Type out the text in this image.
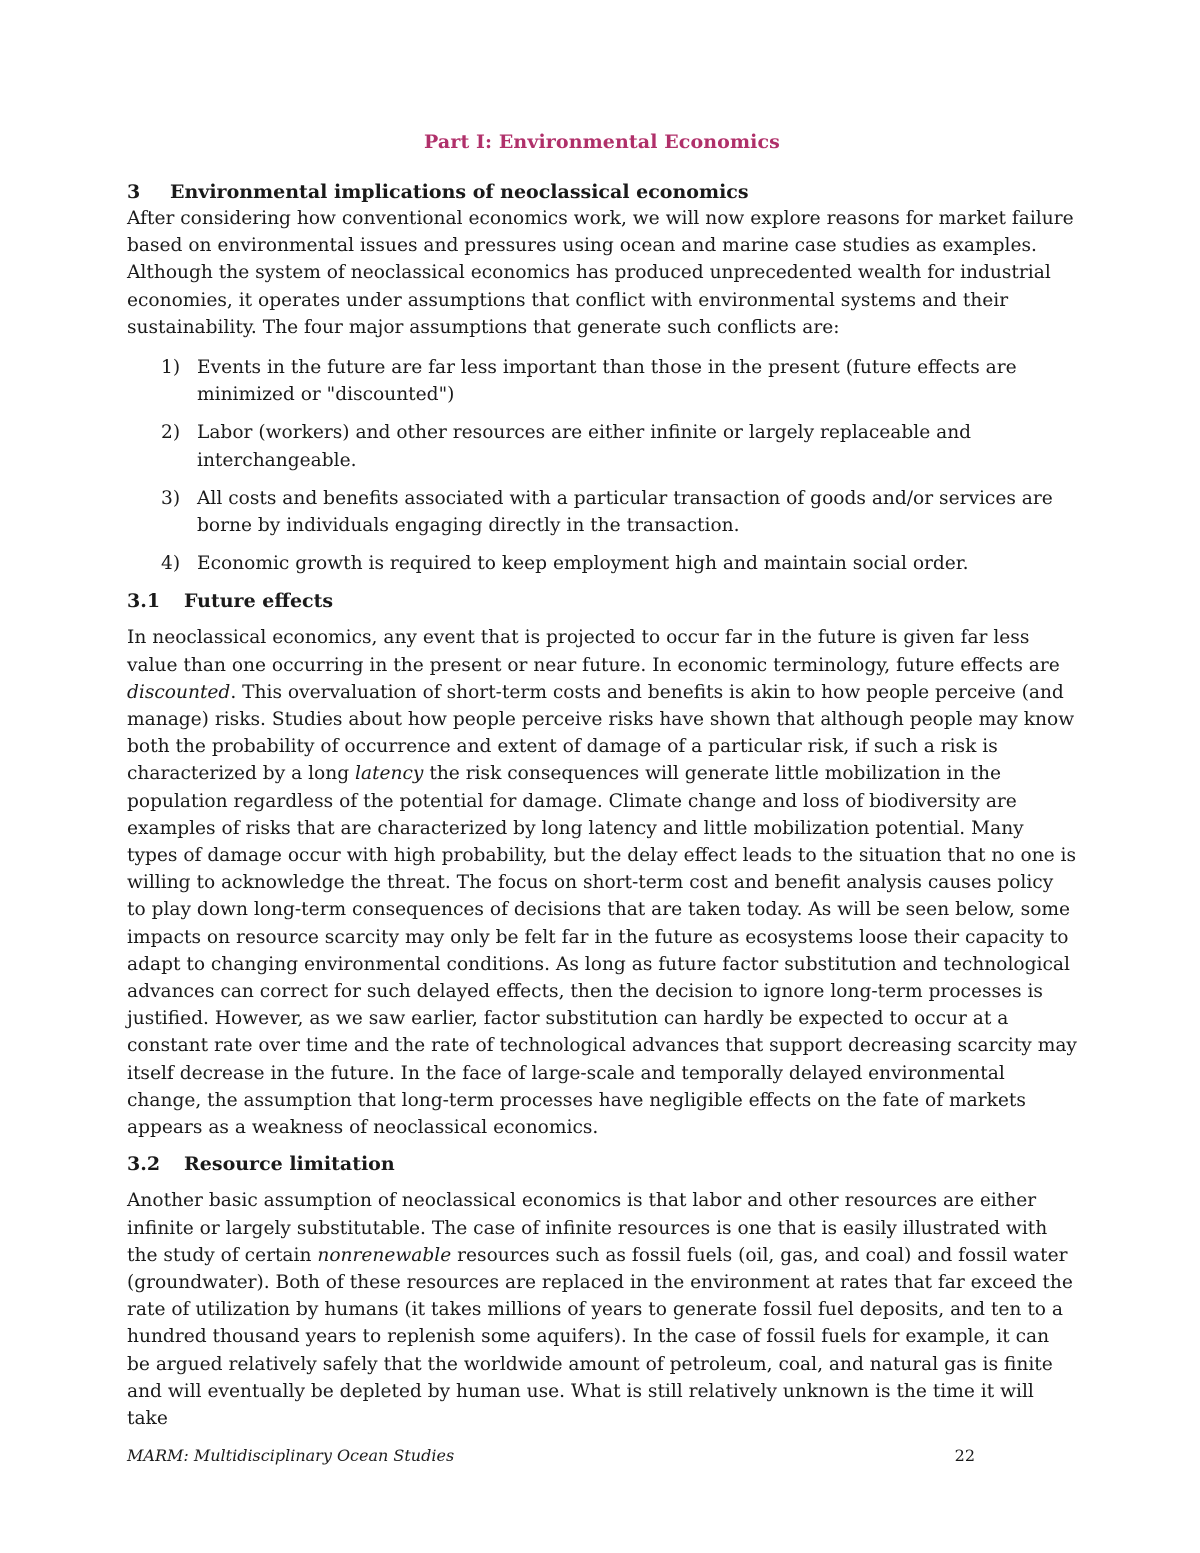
Part I: Environmental Economics
3 Environmental implications of neoclassical economics

After considering how conventional economics work, we will now explore reasons for market failure based on environmental issues and pressures using ocean and marine case studies as examples. Although the system of neoclassical economics has produced unprecedented wealth for industrial economies, it operates under assumptions that conflict with environmental systems and their sustainability. The four major assumptions that generate such conflicts are:

1) Events in the future are far less important than those in the present (future effects are minimized or "discounted")
2) Labor (workers) and other resources are either infinite or largely replaceable and interchangeable.
3) All costs and benefits associated with a particular transaction of goods and/or services are borne by individuals engaging directly in the transaction.
4) Economic growth is required to keep employment high and maintain social order.
3.1 Future effects

In neoclassical economics, any event that is projected to occur far in the future is given far less value than one occurring in the present or near future. In economic terminology, future effects are discounted. This overvaluation of short-term costs and benefits is akin to how people perceive (and manage) risks. Studies about how people perceive risks have shown that although people may know both the probability of occurrence and extent of damage of a particular risk, if such a risk is characterized by a long latency the risk consequences will generate little mobilization in the population regardless of the potential for damage. Climate change and loss of biodiversity are examples of risks that are characterized by long latency and little mobilization potential. Many types of damage occur with high probability, but the delay effect leads to the situation that no one is willing to acknowledge the threat. The focus on short-term cost and benefit analysis causes policy to play down long-term consequences of decisions that are taken today. As will be seen below, some impacts on resource scarcity may only be felt far in the future as ecosystems loose their capacity to adapt to changing environmental conditions. As long as future factor substitution and technological advances can correct for such delayed effects, then the decision to ignore long-term processes is justified. However, as we saw earlier, factor substitution can hardly be expected to occur at a constant rate over time and the rate of technological advances that support decreasing scarcity may itself decrease in the future. In the face of large-scale and temporally delayed environmental change, the assumption that long-term processes have negligible effects on the fate of markets appears as a weakness of neoclassical economics.

3.2 Resource limitation

Another basic assumption of neoclassical economics is that labor and other resources are either infinite or largely substitutable. The case of infinite resources is one that is easily illustrated with the study of certain nonrenewable resources such as fossil fuels (oil, gas, and coal) and fossil water (groundwater). Both of these resources are replaced in the environment at rates that far exceed the rate of utilization by humans (it takes millions of years to generate fossil fuel deposits, and ten to a hundred thousand years to replenish some aquifers). In the case of fossil fuels for example, it can be argued relatively safely that the worldwide amount of petroleum, coal, and natural gas is finite and will eventually be depleted by human use. What is still relatively unknown is the time it will take

MARM: Multidisciplinary Ocean Studies	22
